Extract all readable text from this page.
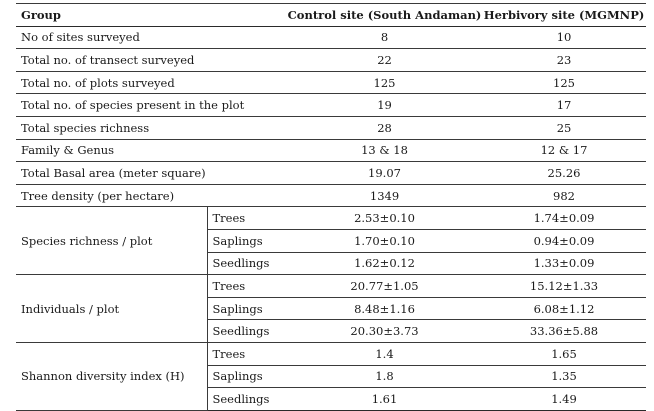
Group		Control site (South Andaman)	Herbivory site (MGMNP)
No of sites surveyed		8	10
Total no. of transect surveyed		22	23
Total no. of plots surveyed		125	125
Total no. of species present in the plot		19	17
Total species richness		28	25
Family & Genus		13 & 18	12 & 17
Total Basal area (meter square)		19.07	25.26
Tree density (per hectare)		1349	982
Species richness / plot	Trees	2.53±0.10	1.74±0.09
	Saplings	1.70±0.10	0.94±0.09
	Seedlings	1.62±0.12	1.33±0.09
Individuals / plot	Trees	20.77±1.05	15.12±1.33
	Saplings	8.48±1.16	6.08±1.12
	Seedlings	20.30±3.73	33.36±5.88
Shannon diversity index (H)	Trees	1.4	1.65
	Saplings	1.8	1.35
	Seedlings	1.61	1.49
